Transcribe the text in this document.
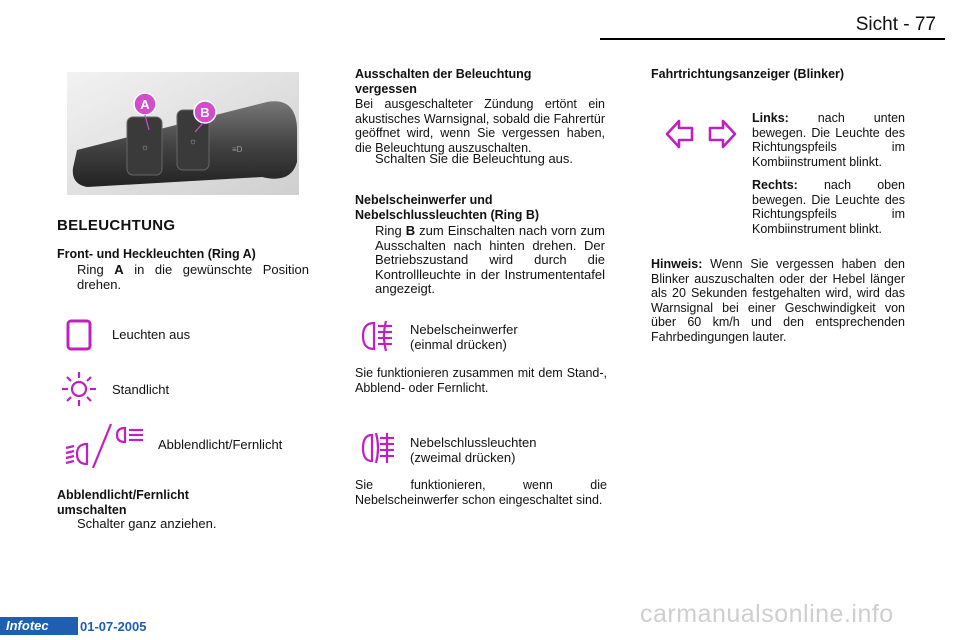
Sicht - 77
☼
☼
≡D
A
B
BELEUCHTUNG
Front- und Heckleuchten (Ring A)
Ring A in die gewünschte Position drehen.
Leuchten aus
Standlicht
Abblendlicht/Fernlicht
Abblendlicht/Fernlicht umschalten
Schalter ganz anziehen.
Ausschalten der Beleuchtung vergessen
Bei ausgeschalteter Zündung ertönt ein akustisches Warnsignal, sobald die Fahrertür geöffnet wird, wenn Sie vergessen haben, die Beleuchtung auszuschalten.
Schalten Sie die Beleuchtung aus.
Nebelscheinwerfer und Nebelschlussleuchten (Ring B)
Ring B zum Einschalten nach vorn zum Ausschalten nach hinten drehen. Der Betriebszustand wird durch die Kontrollleuchte in der Instrumententafel angezeigt.
Nebelscheinwerfer
(einmal drücken)
Sie funktionieren zusammen mit dem Stand-, Abblend- oder Fernlicht.
Nebelschlussleuchten
(zweimal drücken)
Sie funktionieren, wenn die Nebelscheinwerfer schon eingeschaltet sind.
Fahrtrichtungsanzeiger (Blinker)
Links: nach unten bewegen. Die Leuchte des Richtungspfeils im Kombiinstrument blinkt.
Rechts: nach oben bewegen. Die Leuchte des Richtungspfeils im Kombiinstrument blinkt.
Hinweis: Wenn Sie vergessen haben den Blinker auszuschalten oder der Hebel länger als 20 Sekunden festgehalten wird, wird das Warnsignal bei einer Geschwindigkeit von über 60 km/h und den entsprechenden Fahrbedingungen lauter.
Infotec 01-07-2005	carmanualsonline.info
